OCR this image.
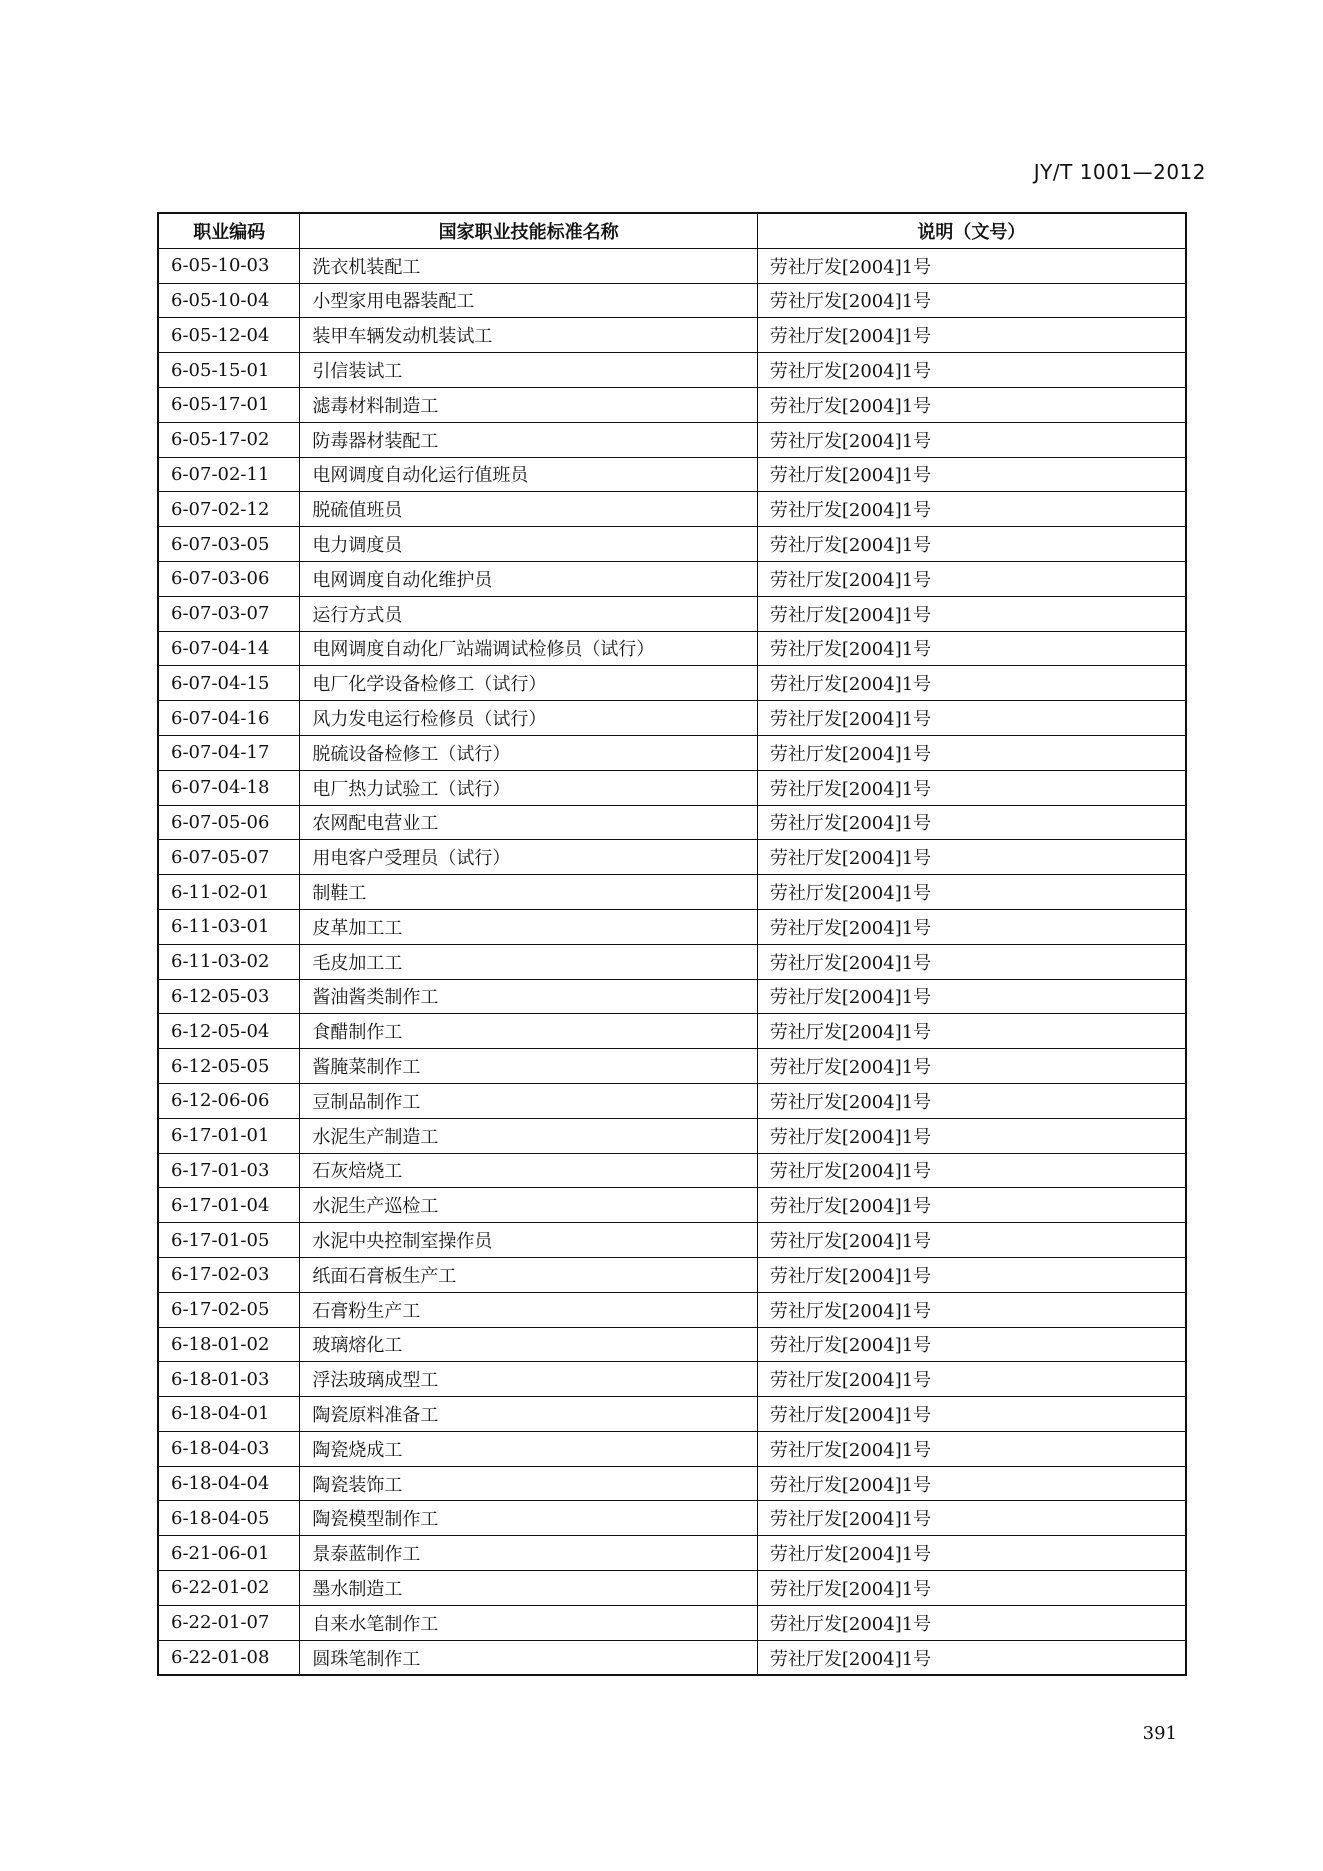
JY/T 1001—2012
职业编码	国家职业技能标准名称	说明（文号）
6-05-10-03	洗衣机装配工	劳社厅发[2004]1号
6-05-10-04	小型家用电器装配工	劳社厅发[2004]1号
6-05-12-04	装甲车辆发动机装试工	劳社厅发[2004]1号
6-05-15-01	引信装试工	劳社厅发[2004]1号
6-05-17-01	滤毒材料制造工	劳社厅发[2004]1号
6-05-17-02	防毒器材装配工	劳社厅发[2004]1号
6-07-02-11	电网调度自动化运行值班员	劳社厅发[2004]1号
6-07-02-12	脱硫值班员	劳社厅发[2004]1号
6-07-03-05	电力调度员	劳社厅发[2004]1号
6-07-03-06	电网调度自动化维护员	劳社厅发[2004]1号
6-07-03-07	运行方式员	劳社厅发[2004]1号
6-07-04-14	电网调度自动化厂站端调试检修员（试行）	劳社厅发[2004]1号
6-07-04-15	电厂化学设备检修工（试行）	劳社厅发[2004]1号
6-07-04-16	风力发电运行检修员（试行）	劳社厅发[2004]1号
6-07-04-17	脱硫设备检修工（试行）	劳社厅发[2004]1号
6-07-04-18	电厂热力试验工（试行）	劳社厅发[2004]1号
6-07-05-06	农网配电营业工	劳社厅发[2004]1号
6-07-05-07	用电客户受理员（试行）	劳社厅发[2004]1号
6-11-02-01	制鞋工	劳社厅发[2004]1号
6-11-03-01	皮革加工工	劳社厅发[2004]1号
6-11-03-02	毛皮加工工	劳社厅发[2004]1号
6-12-05-03	酱油酱类制作工	劳社厅发[2004]1号
6-12-05-04	食醋制作工	劳社厅发[2004]1号
6-12-05-05	酱腌菜制作工	劳社厅发[2004]1号
6-12-06-06	豆制品制作工	劳社厅发[2004]1号
6-17-01-01	水泥生产制造工	劳社厅发[2004]1号
6-17-01-03	石灰焙烧工	劳社厅发[2004]1号
6-17-01-04	水泥生产巡检工	劳社厅发[2004]1号
6-17-01-05	水泥中央控制室操作员	劳社厅发[2004]1号
6-17-02-03	纸面石膏板生产工	劳社厅发[2004]1号
6-17-02-05	石膏粉生产工	劳社厅发[2004]1号
6-18-01-02	玻璃熔化工	劳社厅发[2004]1号
6-18-01-03	浮法玻璃成型工	劳社厅发[2004]1号
6-18-04-01	陶瓷原料准备工	劳社厅发[2004]1号
6-18-04-03	陶瓷烧成工	劳社厅发[2004]1号
6-18-04-04	陶瓷装饰工	劳社厅发[2004]1号
6-18-04-05	陶瓷模型制作工	劳社厅发[2004]1号
6-21-06-01	景泰蓝制作工	劳社厅发[2004]1号
6-22-01-02	墨水制造工	劳社厅发[2004]1号
6-22-01-07	自来水笔制作工	劳社厅发[2004]1号
6-22-01-08	圆珠笔制作工	劳社厅发[2004]1号
391
